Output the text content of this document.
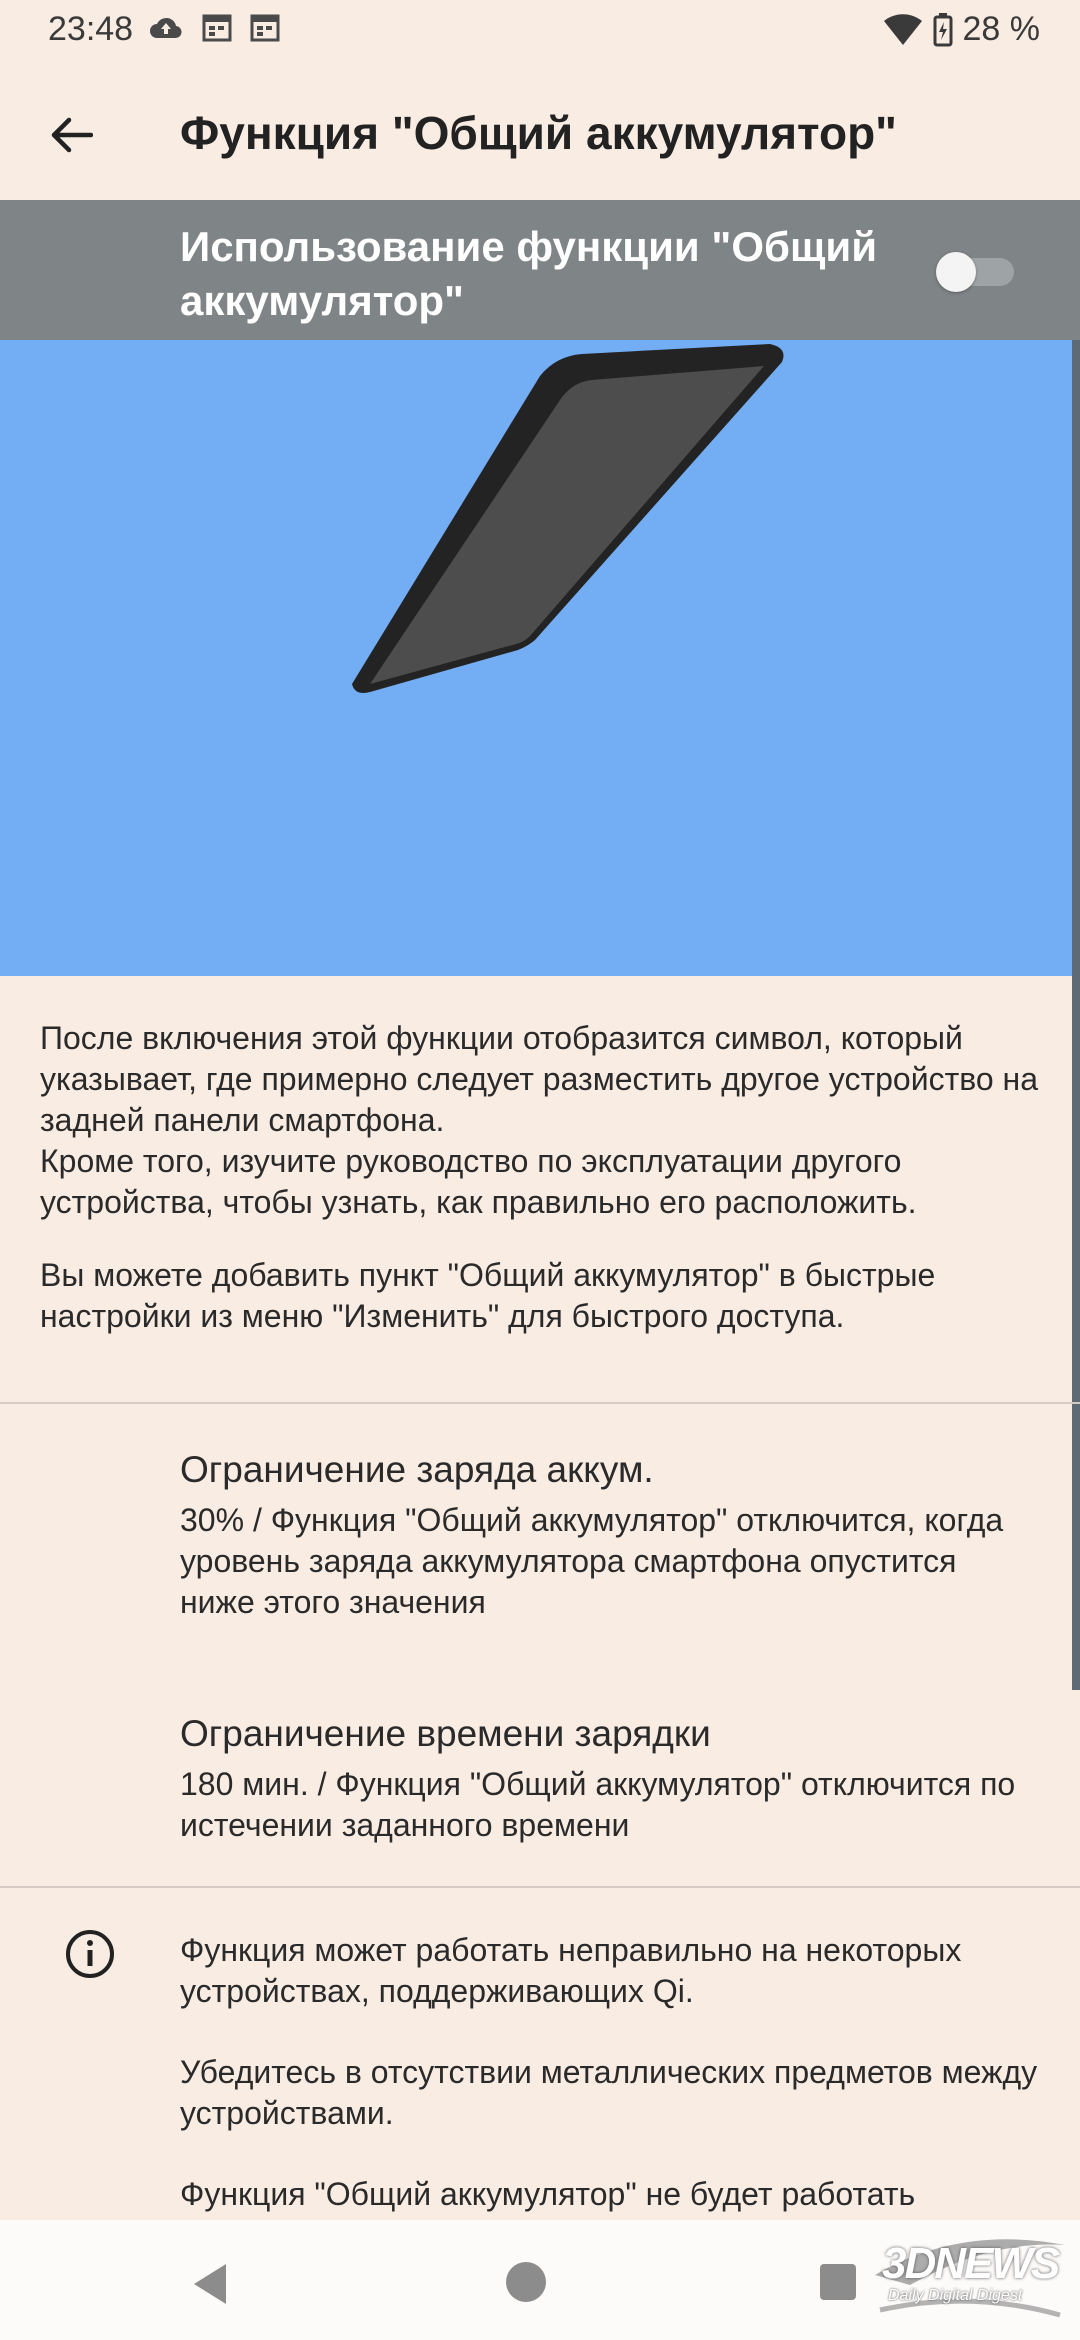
23:48	28 %
Функция "Общий аккумулятор"
Использование функции "Общий аккумулятор"

После включения этой функции отобразится символ, который указывает, где примерно следует разместить другое устройство на задней панели смартфона.

Кроме того, изучите руководство по эксплуатации другого устройства, чтобы узнать, как правильно его расположить.

Вы можете добавить пункт "Общий аккумулятор" в быстрые настройки из меню "Изменить" для быстрого доступа.

Ограничение заряда аккум.
30% / Функция "Общий аккумулятор" отключится, когда уровень заряда аккумулятора смартфона опустится ниже этого значения
Ограничение времени зарядки
180 мин. / Функция "Общий аккумулятор" отключится по истечении заданного времени

Функция может работать неправильно на некоторых устройствах, поддерживающих Qi.

Убедитесь в отсутствии металлических предметов между устройствами.

Функция "Общий аккумулятор" не будет работать

3DNEWS
Daily Digital Digest
